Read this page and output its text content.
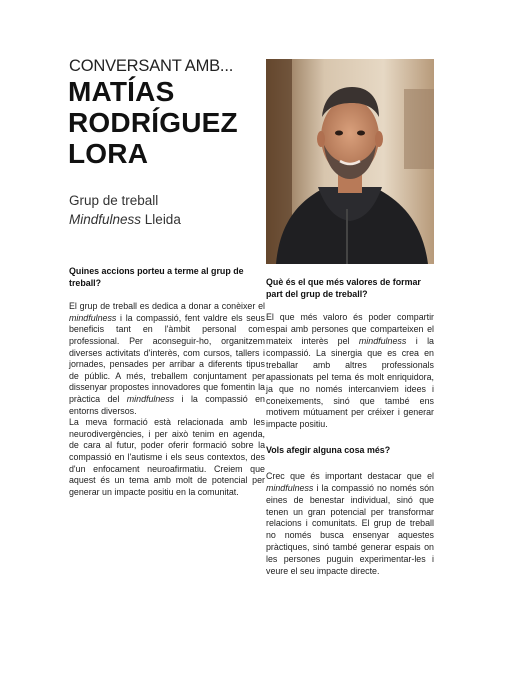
CONVERSANT AMB...
MATÍAS
RODRÍGUEZ
LORA
Grup de treball
Mindfulness Lleida

Quines accions porteu a terme al grup de treball?

El grup de treball es dedica a donar a conèixer el mindfulness i la compassió, fent valdre els seus beneficis tant en l'àmbit personal com professional. Per aconseguir-ho, organitzem diverses activitats d'interès, com cursos, tallers i jornades, pensades per arribar a diferents tipus de públic. A més, treballem conjuntament per dissenyar propostes innovadores que fomentin la pràctica del mindfulness i la compassió en entorns diversos.

La meva formació està relacionada amb les neurodivergències, i per això tenim en agenda, de cara al futur, poder oferir formació sobre la compassió en l'autisme i els seus contextos, des d'un enfocament neuroafirmatiu. Creiem que aquest és un tema amb molt de potencial per generar un impacte positiu en la comunitat.

Què és el que més valores de formar part del grup de treball?

El que més valoro és poder compartir espai amb persones que comparteixen el mateix interès pel mindfulness i la compassió. La sinergia que es crea en treballar amb altres professionals apassionats pel tema és molt enriquidora, ja que no només intercanviem idees i coneixements, sinó que també ens motivem mútuament per créixer i generar impacte positiu.

Vols afegir alguna cosa més?

Crec que és important destacar que el mindfulness i la compassió no només són eines de benestar individual, sinó que tenen un gran potencial per transformar relacions i comunitats. El grup de treball no només busca ensenyar aquestes pràctiques, sinó també generar espais on les persones puguin experimentar-les i veure el seu impacte directe.
